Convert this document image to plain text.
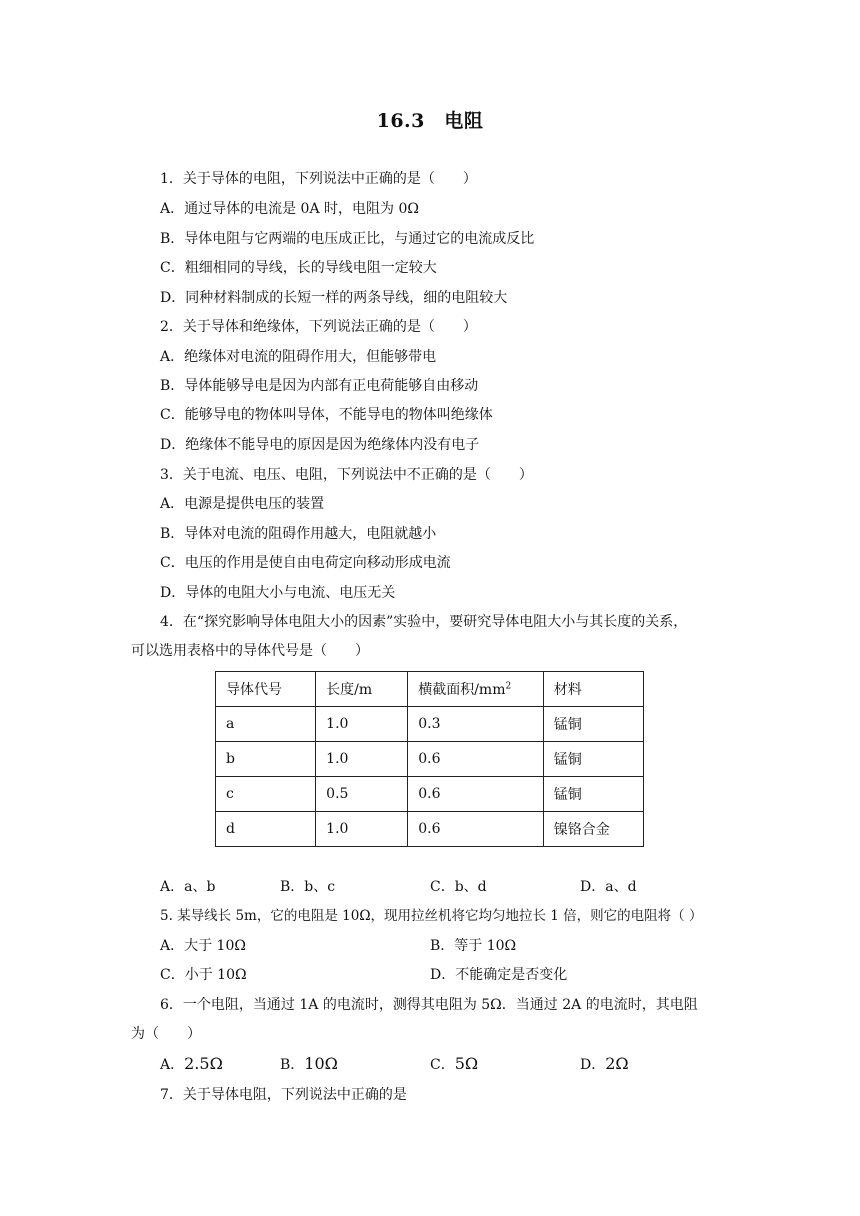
16.3　电阻
1．关于导体的电阻，下列说法中正确的是（　　）
A．通过导体的电流是 0A 时，电阻为 0Ω
B．导体电阻与它两端的电压成正比，与通过它的电流成反比
C．粗细相同的导线，长的导线电阻一定较大
D．同种材料制成的长短一样的两条导线，细的电阻较大
2．关于导体和绝缘体，下列说法正确的是（　　）
A．绝缘体对电流的阻碍作用大，但能够带电
B．导体能够导电是因为内部有正电荷能够自由移动
C．能够导电的物体叫导体，不能导电的物体叫绝缘体
D．绝缘体不能导电的原因是因为绝缘体内没有电子
3．关于电流、电压、电阻，下列说法中不正确的是（　　）
A．电源是提供电压的装置
B．导体对电流的阻碍作用越大，电阻就越小
C．电压的作用是使自由电荷定向移动形成电流
D．导体的电阻大小与电流、电压无关
4．在“探究影响导体电阻大小的因素”实验中，要研究导体电阻大小与其长度的关系，
可以选用表格中的导体代号是（　　）
导体代号	长度/m	横截面积$/mm^2$	材料
a	1.0	0.3	锰铜
b	1.0	0.6	锰铜
c	0.5	0.6	锰铜
d	1.0	0.6	镍铬合金
A．a、b	B．b、c	C．b、d	D．a、d
5. 某导线长 5m，它的电阻是 10Ω，现用拉丝机将它均匀地拉长 1 倍，则它的电阻将（ ）
A．大于 10Ω	B．等于 10Ω
C．小于 10Ω	D．不能确定是否变化
6．一个电阻，当通过 1A 的电流时，测得其电阻为 5Ω．当通过 2A 的电流时，其电阻
为（　　）
A．2.5Ω	B．10Ω	C．5Ω	D．2Ω
7．关于导体电阻，下列说法中正确的是
